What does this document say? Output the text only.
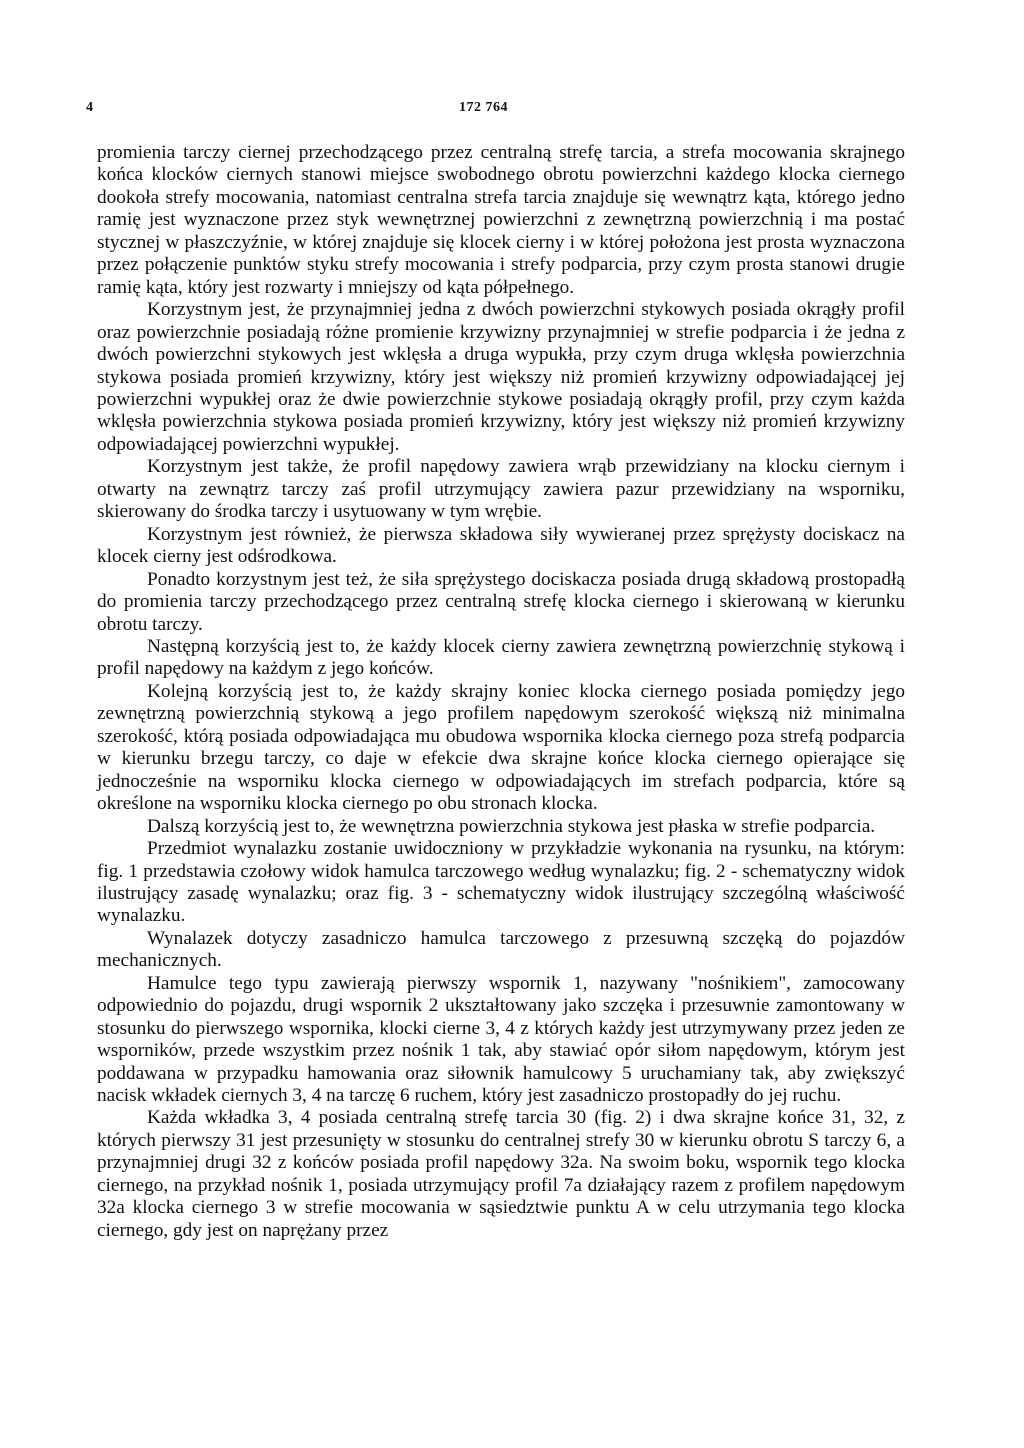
4	172 764

promienia tarczy ciernej przechodzącego przez centralną strefę tarcia, a strefa mocowania skrajnego końca klocków ciernych stanowi miejsce swobodnego obrotu powierzchni każdego klocka ciernego dookoła strefy mocowania, natomiast centralna strefa tarcia znajduje się wewnątrz kąta, którego jedno ramię jest wyznaczone przez styk wewnętrznej powierzchni z zewnętrzną powierzchnią i ma postać stycznej w płaszczyźnie, w której znajduje się klocek cierny i w której położona jest prosta wyznaczona przez połączenie punktów styku strefy mocowania i strefy podparcia, przy czym prosta stanowi drugie ramię kąta, który jest rozwarty i mniejszy od kąta półpełnego.

Korzystnym jest, że przynajmniej jedna z dwóch powierzchni stykowych posiada okrągły profil oraz powierzchnie posiadają różne promienie krzywizny przynajmniej w strefie podparcia i że jedna z dwóch powierzchni stykowych jest wklęsła a druga wypukła, przy czym druga wklęsła powierzchnia stykowa posiada promień krzywizny, który jest większy niż promień krzywizny odpowiadającej jej powierzchni wypukłej oraz że dwie powierzchnie stykowe posiadają okrągły profil, przy czym każda wklęsła powierzchnia stykowa posiada promień krzywizny, który jest większy niż promień krzywizny odpowiadającej powierzchni wypukłej.

Korzystnym jest także, że profil napędowy zawiera wrąb przewidziany na klocku ciernym i otwarty na zewnątrz tarczy zaś profil utrzymujący zawiera pazur przewidziany na wsporniku, skierowany do środka tarczy i usytuowany w tym wrębie.

Korzystnym jest również, że pierwsza składowa siły wywieranej przez sprężysty dociskacz na klocek cierny jest odśrodkowa.

Ponadto korzystnym jest też, że siła sprężystego dociskacza posiada drugą składową prostopadłą do promienia tarczy przechodzącego przez centralną strefę klocka ciernego i skierowaną w kierunku obrotu tarczy.

Następną korzyścią jest to, że każdy klocek cierny zawiera zewnętrzną powierzchnię stykową i profil napędowy na każdym z jego końców.

Kolejną korzyścią jest to, że każdy skrajny koniec klocka ciernego posiada pomiędzy jego zewnętrzną powierzchnią stykową a jego profilem napędowym szerokość większą niż minimalna szerokość, którą posiada odpowiadająca mu obudowa wspornika klocka ciernego poza strefą podparcia w kierunku brzegu tarczy, co daje w efekcie dwa skrajne końce klocka ciernego opierające się jednocześnie na wsporniku klocka ciernego w odpowiadających im strefach podparcia, które są określone na wsporniku klocka ciernego po obu stronach klocka.

Dalszą korzyścią jest to, że wewnętrzna powierzchnia stykowa jest płaska w strefie podparcia.

Przedmiot wynalazku zostanie uwidoczniony w przykładzie wykonania na rysunku, na którym: fig. 1 przedstawia czołowy widok hamulca tarczowego według wynalazku; fig. 2 - schematyczny widok ilustrujący zasadę wynalazku; oraz fig. 3 - schematyczny widok ilustrujący szczególną właściwość wynalazku.

Wynalazek dotyczy zasadniczo hamulca tarczowego z przesuwną szczęką do pojazdów mechanicznych.

Hamulce tego typu zawierają pierwszy wspornik 1, nazywany "nośnikiem", zamocowany odpowiednio do pojazdu, drugi wspornik 2 ukształtowany jako szczęka i przesuwnie zamontowany w stosunku do pierwszego wspornika, klocki cierne 3, 4 z których każdy jest utrzymywany przez jeden ze wsporników, przede wszystkim przez nośnik 1 tak, aby stawiać opór siłom napędowym, którym jest poddawana w przypadku hamowania oraz siłownik hamulcowy 5 uruchamiany tak, aby zwiększyć nacisk wkładek ciernych 3, 4 na tarczę 6 ruchem, który jest zasadniczo prostopadły do jej ruchu.

Każda wkładka 3, 4 posiada centralną strefę tarcia 30 (fig. 2) i dwa skrajne końce 31, 32, z których pierwszy 31 jest przesunięty w stosunku do centralnej strefy 30 w kierunku obrotu S tarczy 6, a przynajmniej drugi 32 z końców posiada profil napędowy 32a. Na swoim boku, wspornik tego klocka ciernego, na przykład nośnik 1, posiada utrzymujący profil 7a działający razem z profilem napędowym 32a klocka ciernego 3 w strefie mocowania w sąsiedztwie punktu A w celu utrzymania tego klocka ciernego, gdy jest on naprężany przez
